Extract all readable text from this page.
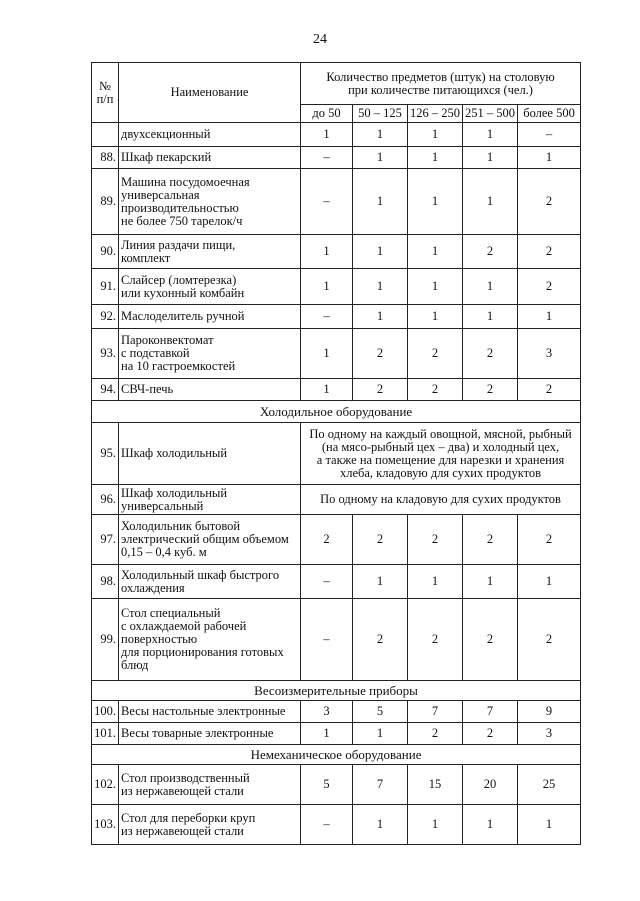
24
№
п/п	Наименование	Количество предметов (штук) на столовую
при количестве питающихся (чел.)				
		до 50	50 – 125	126 – 250	251 – 500	более 500
	двухсекционный	1	1	1	1	–
88.	Шкаф пекарский	–	1	1	1	1
89.	Машина посудомоечная
универсальная
производительностью
не более 750 тарелок/ч	–	1	1	1	2
90.	Линия раздачи пищи,
комплект	1	1	1	2	2
91.	Слайсер (ломтерезка)
или кухонный комбайн	1	1	1	1	2
92.	Маслоделитель ручной	–	1	1	1	1
93.	Пароконвектомат
с подставкой
на 10 гастроемкостей	1	2	2	2	3
94.	СВЧ-печь	1	2	2	2	2
Холодильное оборудование						
95.	Шкаф холодильный	По одному на каждый овощной, мясной, рыбный
(на мясо-рыбный цех – два) и холодный цех,
а также на помещение для нарезки и хранения
хлеба, кладовую для сухих продуктов				
96.	Шкаф холодильный
универсальный	По одному на кладовую для сухих продуктов				
97.	Холодильник бытовой
электрический общим объемом
0,15 – 0,4 куб. м	2	2	2	2	2
98.	Холодильный шкаф быстрого
охлаждения	–	1	1	1	1
99.	Стол специальный
с охлаждаемой рабочей
поверхностью
для порционирования готовых
блюд	–	2	2	2	2
Весоизмерительные приборы						
100.	Весы настольные электронные	3	5	7	7	9
101.	Весы товарные электронные	1	1	2	2	3
Немеханическое оборудование						
102.	Стол производственный
из нержавеющей стали	5	7	15	20	25
103.	Стол для переборки круп
из нержавеющей стали	–	1	1	1	1
